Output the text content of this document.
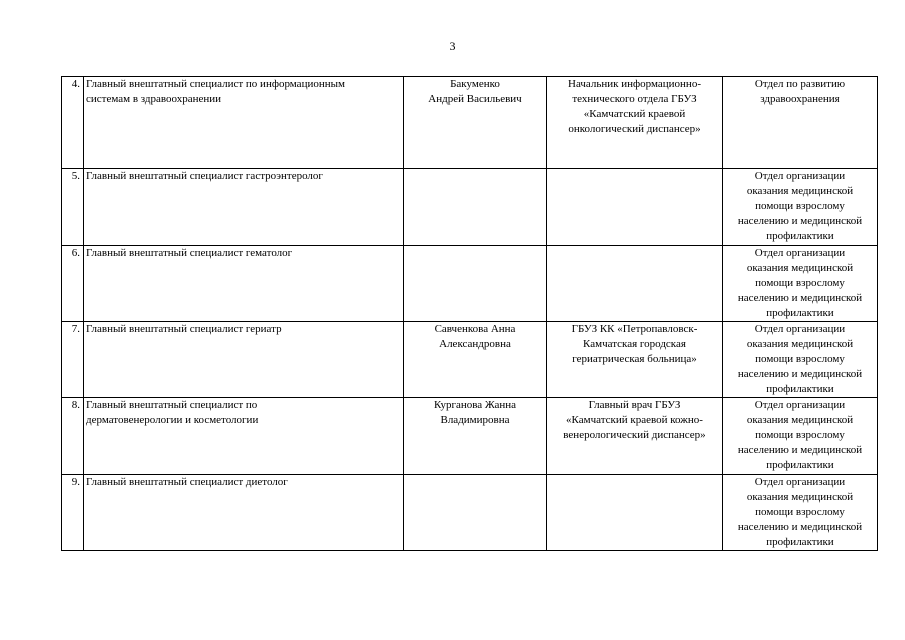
3
4.	Главный внештатный специалист по информационным
системам в здравоохранении	Бакуменко
Андрей Васильевич	Начальник информационно-
технического отдела ГБУЗ
«Камчатский краевой
онкологический диспансер»	Отдел по развитию
здравоохранения
5.	Главный внештатный специалист гастроэнтеролог			Отдел организации
оказания медицинской
помощи взрослому
населению и медицинской
профилактики
6.	Главный внештатный специалист гематолог			Отдел организации
оказания медицинской
помощи взрослому
населению и медицинской
профилактики
7.	Главный внештатный специалист гериатр	Савченкова Анна
Александровна	ГБУЗ КК «Петропавловск-
Камчатская городская
гериатрическая больница»	Отдел организации
оказания медицинской
помощи взрослому
населению и медицинской
профилактики
8.	Главный внештатный специалист по
дерматовенерологии и косметологии	Курганова Жанна
Владимировна	Главный врач ГБУЗ
«Камчатский краевой кожно-
венерологический диспансер»	Отдел организации
оказания медицинской
помощи взрослому
населению и медицинской
профилактики
9.	Главный внештатный специалист диетолог			Отдел организации
оказания медицинской
помощи взрослому
населению и медицинской
профилактики
